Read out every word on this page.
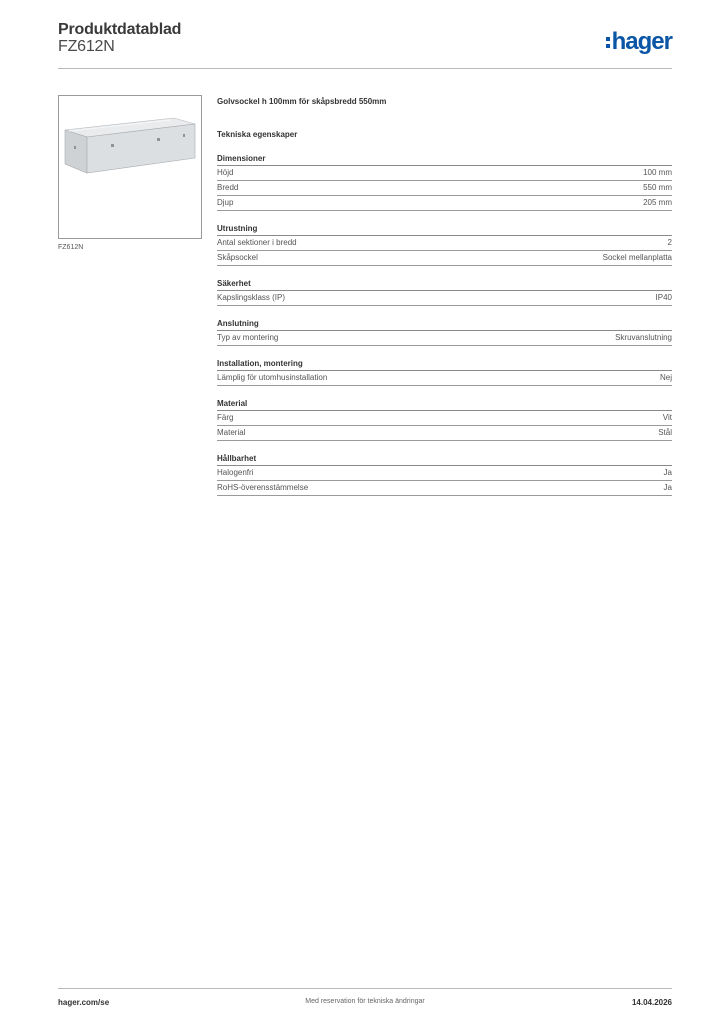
Produktdatablad
FZ612N	hager
FZ612N
Golvsockel h 100mm för skåpsbredd 550mm
Tekniska egenskaper
Dimensioner
Höjd	100 mm
Bredd	550 mm
Djup	205 mm
Utrustning
Antal sektioner i bredd	2
Skåpsockel	Sockel mellanplatta
Säkerhet
Kapslingsklass (IP)	IP40
Anslutning
Typ av montering	Skruvanslutning
Installation, montering
Lämplig för utomhusinstallation	Nej
Material
Färg	Vit
Material	Stål
Hållbarhet
Halogenfri	Ja
RoHS-överensstämmelse	Ja
hager.com/se	Med reservation för tekniska ändringar	14.04.2026
